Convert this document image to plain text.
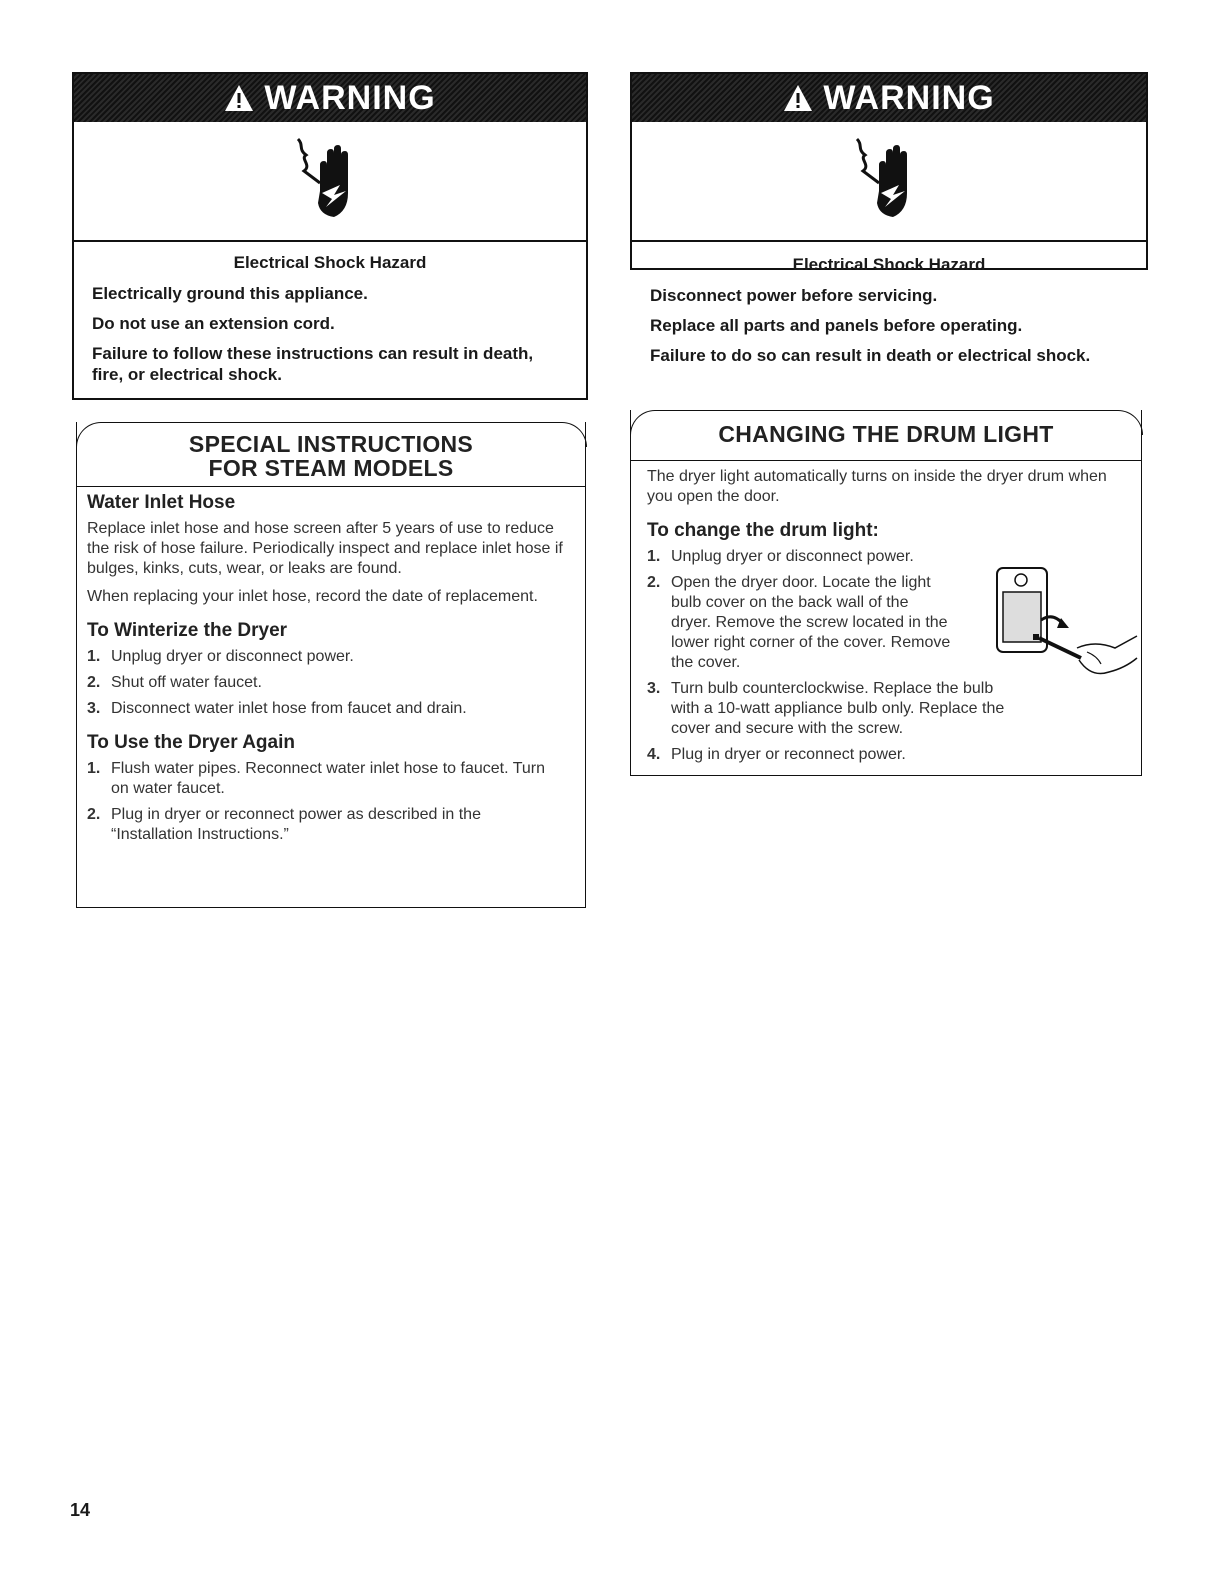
WARNING
Electrical Shock Hazard
Electrically ground this appliance.
Do not use an extension cord.
Failure to follow these instructions can result in death, fire, or electrical shock.
WARNING
Electrical Shock Hazard
Disconnect power before servicing.
Replace all parts and panels before operating.
Failure to do so can result in death or electrical shock.
SPECIAL INSTRUCTIONS
FOR STEAM MODELS
Water Inlet Hose
Replace inlet hose and hose screen after 5 years of use to reduce the risk of hose failure. Periodically inspect and replace inlet hose if bulges, kinks, cuts, wear, or leaks are found.
When replacing your inlet hose, record the date of replacement.
To Winterize the Dryer
1. Unplug dryer or disconnect power.
2. Shut off water faucet.
3. Disconnect water inlet hose from faucet and drain.
To Use the Dryer Again
1. Flush water pipes. Reconnect water inlet hose to faucet. Turn on water faucet.
2. Plug in dryer or reconnect power as described in the “Installation Instructions.”
CHANGING THE DRUM LIGHT
The dryer light automatically turns on inside the dryer drum when you open the door.
To change the drum light:
1. Unplug dryer or disconnect power.
2. Open the dryer door. Locate the light bulb cover on the back wall of the dryer. Remove the screw located in the lower right corner of the cover. Remove the cover.
3. Turn bulb counterclockwise. Replace the bulb with a 10-watt appliance bulb only. Replace the cover and secure with the screw.
4. Plug in dryer or reconnect power.
14
